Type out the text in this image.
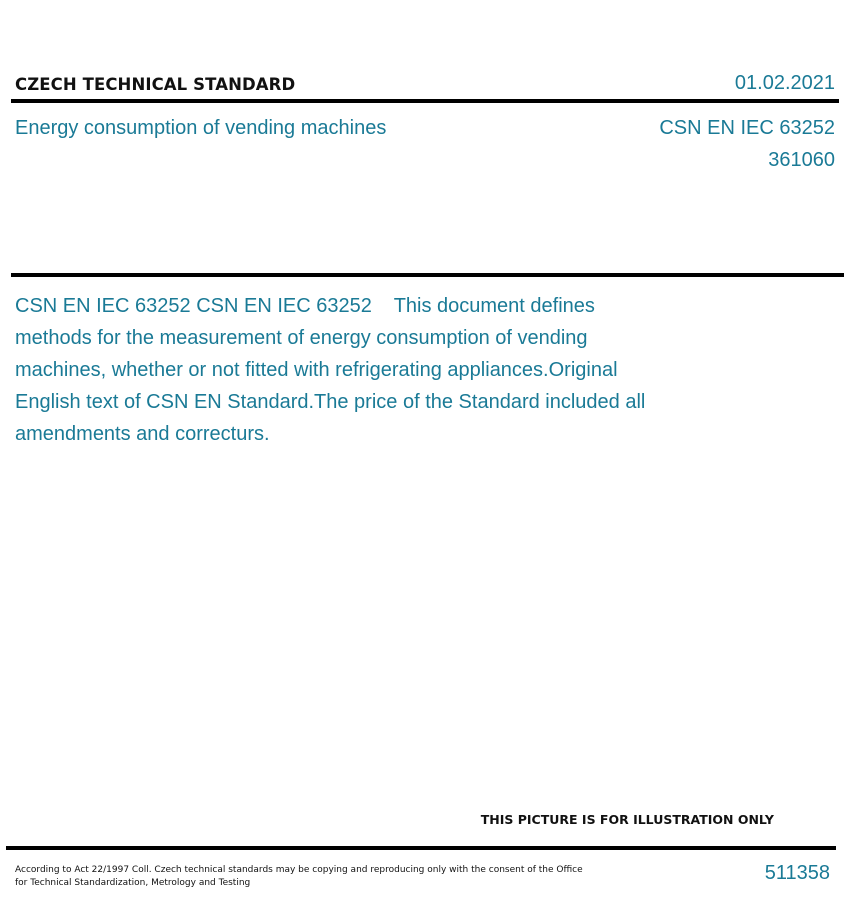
CZECH TECHNICAL STANDARD	01.02.2021
Energy consumption of vending machines	CSN EN IEC 63252
361060
CSN EN IEC 63252 CSN EN IEC 63252    This document defines methods for the measurement of energy consumption of vending machines, whether or not fitted with refrigerating appliances.Original English text of CSN EN Standard.The price of the Standard included all amendments and correcturs.
THIS PICTURE IS FOR ILLUSTRATION ONLY
According to Act 22/1997 Coll. Czech technical standards may be copying and reproducing only with the consent of the Office
for Technical Standardization, Metrology and Testing	511358
